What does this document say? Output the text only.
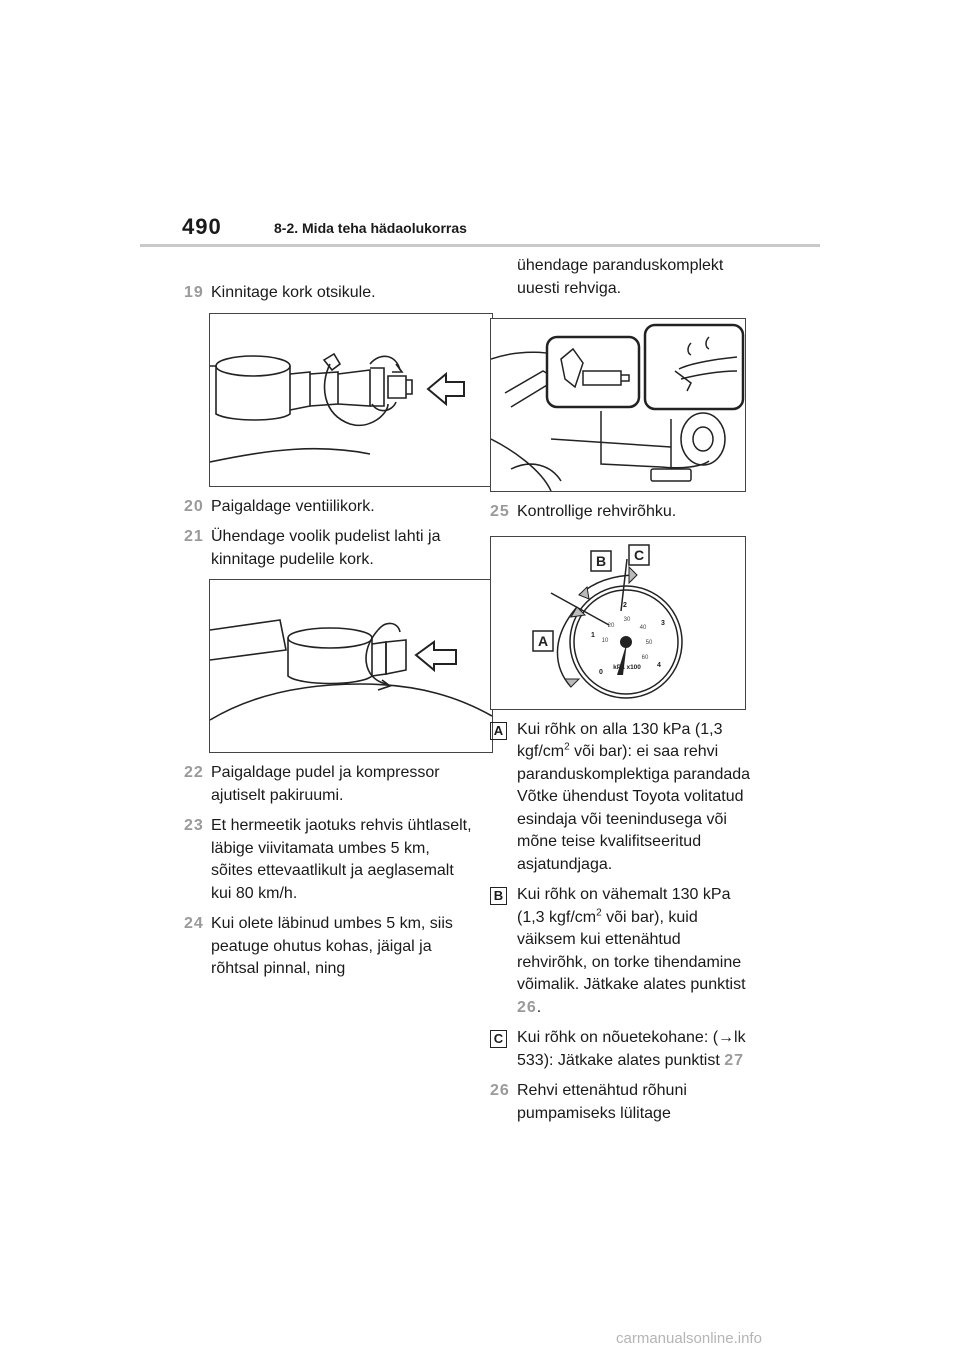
490	8-2. Mida teha hädaolukorras
19 Kinnitage kork otsikule.
20 Paigaldage ventiilikork.
21 Ühendage voolik pudelist lahti ja kinnitage pudelile kork.
22 Paigaldage pudel ja kompressor ajutiselt pakiruumi.
23 Et hermeetik jaotuks rehvis ühtlaselt, läbige viivitamata umbes 5 km, sõites ettevaatlikult ja aeglasemalt kui 80 km/h.
24 Kui olete läbinud umbes 5 km, siis peatuge ohutus kohas, jäigal ja rõhtsal pinnal, ning
ühendage paranduskomplekt uuesti rehviga.
25 Kontrollige rehvirõhku.
A
B C
0
1
2
3
4
10
20
30
40
50
60
kPa x100
A Kui rõhk on alla 130 kPa (1,3 kgf/$cm^2$ või bar): ei saa rehvi paranduskomplektiga parandada Võtke ühendust Toyota volitatud esindaja või teenindusega või mõne teise kvalifitseeritud asjatundjaga.
B Kui rõhk on vähemalt 130 kPa (1,3 kgf/$cm^2$ või bar), kuid väiksem kui ettenähtud rehvirõhk, on torke tihendamine võimalik. Jätkake alates punktist
26.
C Kui rõhk on nõuetekohane: (→lk 533): Jätkake alates punktist 27
26 Rehvi ettenähtud rõhuni pumpamiseks lülitage
carmanualsonline.info
